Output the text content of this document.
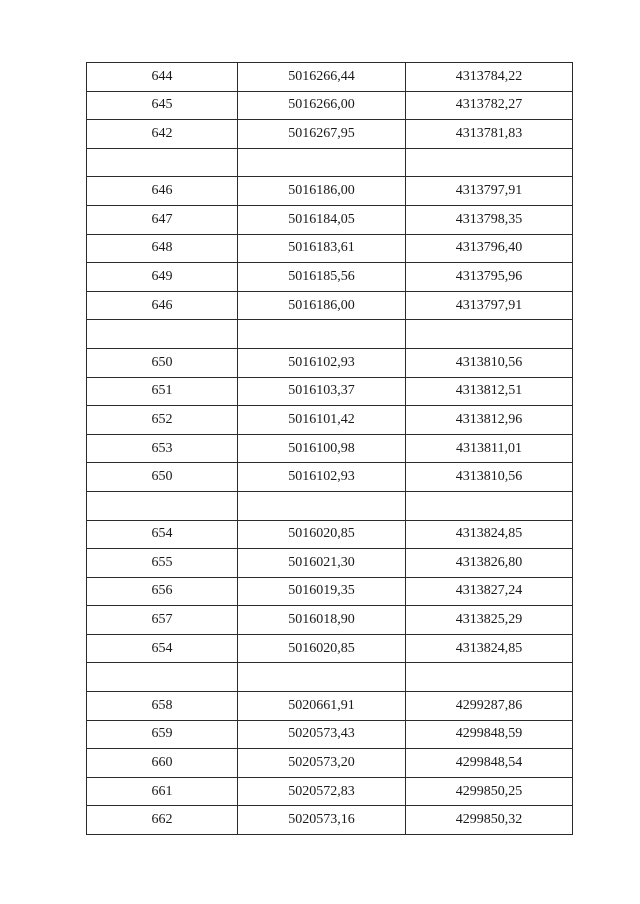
644	5016266,44	4313784,22
645	5016266,00	4313782,27
642	5016267,95	4313781,83

646	5016186,00	4313797,91
647	5016184,05	4313798,35
648	5016183,61	4313796,40
649	5016185,56	4313795,96
646	5016186,00	4313797,91

650	5016102,93	4313810,56
651	5016103,37	4313812,51
652	5016101,42	4313812,96
653	5016100,98	4313811,01
650	5016102,93	4313810,56

654	5016020,85	4313824,85
655	5016021,30	4313826,80
656	5016019,35	4313827,24
657	5016018,90	4313825,29
654	5016020,85	4313824,85

658	5020661,91	4299287,86
659	5020573,43	4299848,59
660	5020573,20	4299848,54
661	5020572,83	4299850,25
662	5020573,16	4299850,32
